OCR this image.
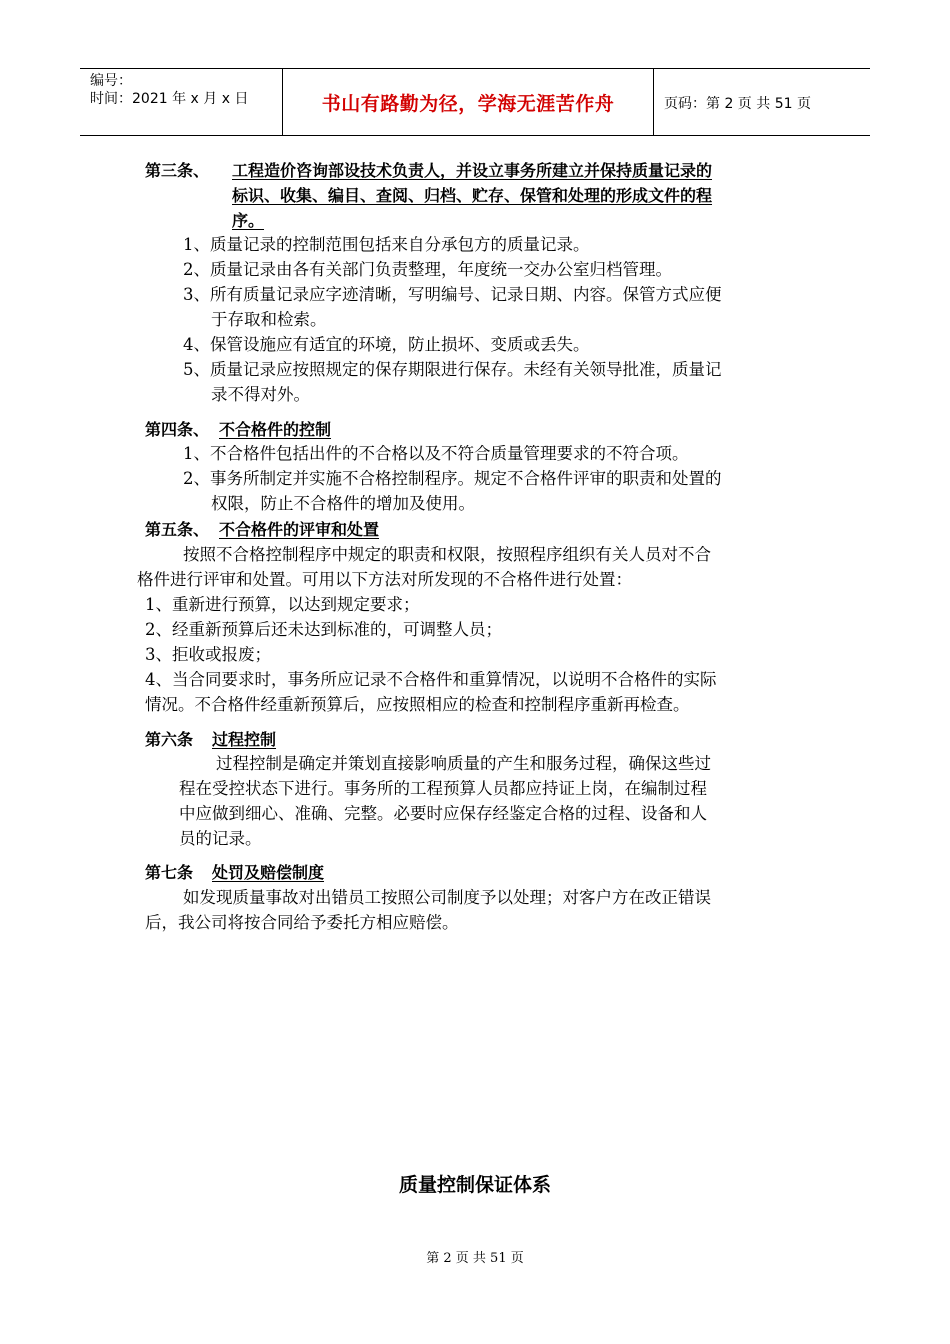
编号：
时间：2021 年 x 月 x 日	书山有路勤为径，学海无涯苦作舟	页码：第 2 页 共 51 页
第三条、 工程造价咨询部设技术负责人，并设立事务所建立并保持质量记录的
标识、收集、编目、查阅、归档、贮存、保管和处理的形成文件的程
序。
1、质量记录的控制范围包括来自分承包方的质量记录。
2、质量记录由各有关部门负责整理，年度统一交办公室归档管理。
3、所有质量记录应字迹清晰，写明编号、记录日期、内容。保管方式应便
于存取和检索。
4、保管设施应有适宜的环境，防止损坏、变质或丢失。
5、质量记录应按照规定的保存期限进行保存。未经有关领导批准，质量记
录不得对外。
第四条、 不合格件的控制
1、不合格件包括出件的不合格以及不符合质量管理要求的不符合项。
2、事务所制定并实施不合格控制程序。规定不合格件评审的职责和处置的
权限，防止不合格件的增加及使用。
第五条、 不合格件的评审和处置
按照不合格控制程序中规定的职责和权限，按照程序组织有关人员对不合
格件进行评审和处置。可用以下方法对所发现的不合格件进行处置：
1、重新进行预算，以达到规定要求；
2、经重新预算后还未达到标准的，可调整人员；
3、拒收或报废；
4、当合同要求时，事务所应记录不合格件和重算情况，以说明不合格件的实际
情况。不合格件经重新预算后，应按照相应的检查和控制程序重新再检查。
第六条 过程控制
过程控制是确定并策划直接影响质量的产生和服务过程，确保这些过
程在受控状态下进行。事务所的工程预算人员都应持证上岗，在编制过程
中应做到细心、准确、完整。必要时应保存经鉴定合格的过程、设备和人
员的记录。
第七条 处罚及赔偿制度
如发现质量事故对出错员工按照公司制度予以处理；对客户方在改正错误
后，我公司将按合同给予委托方相应赔偿。
质量控制保证体系
第 2 页 共 51 页
